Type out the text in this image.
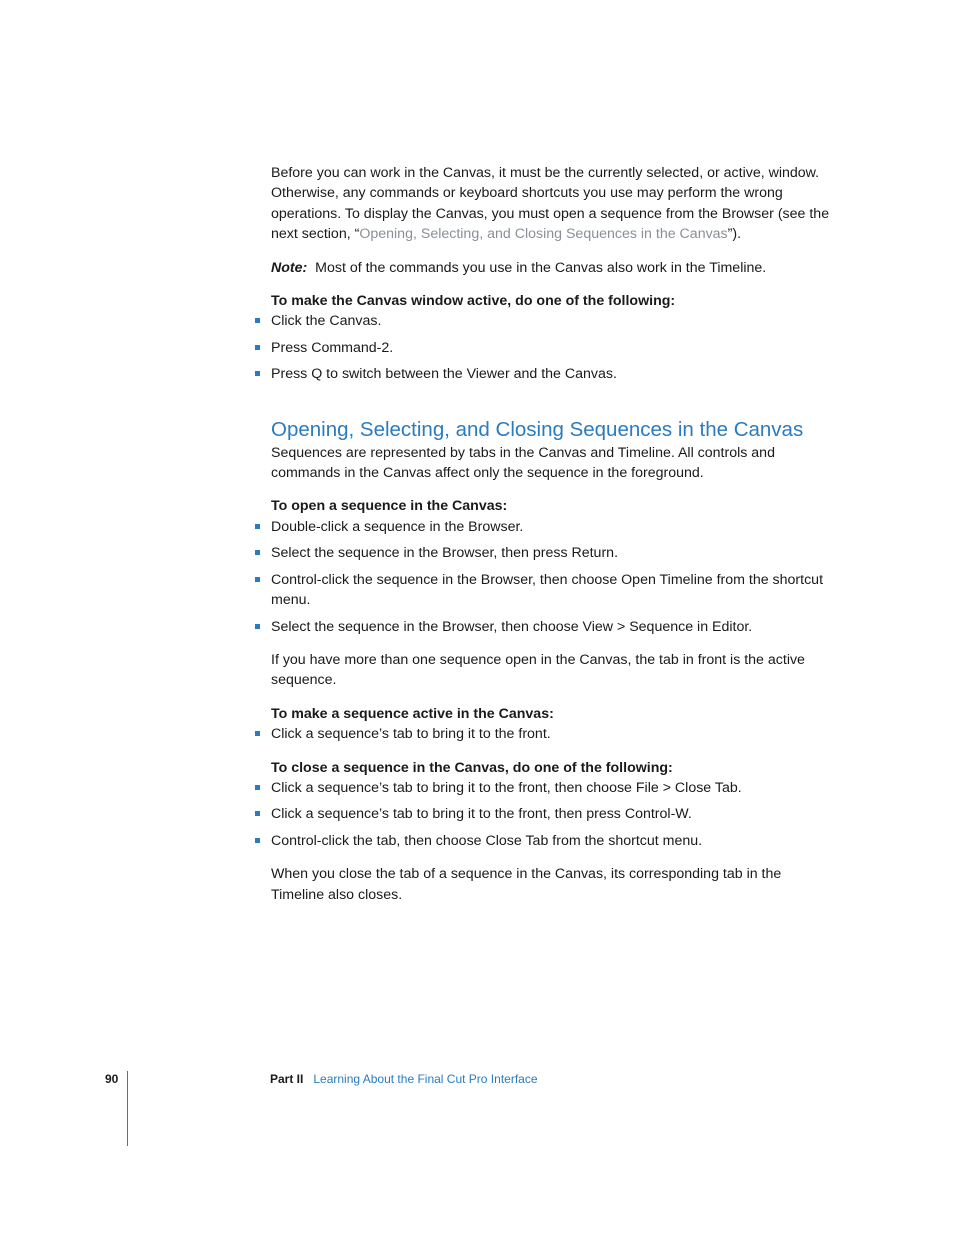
Before you can work in the Canvas, it must be the currently selected, or active, window. Otherwise, any commands or keyboard shortcuts you use may perform the wrong operations. To display the Canvas, you must open a sequence from the Browser (see the next section, “Opening, Selecting, and Closing Sequences in the Canvas”).

Note: Most of the commands you use in the Canvas also work in the Timeline.

To make the Canvas window active, do one of the following:

Click the Canvas.
Press Command-2.
Press Q to switch between the Viewer and the Canvas.
Opening, Selecting, and Closing Sequences in the Canvas

Sequences are represented by tabs in the Canvas and Timeline. All controls and commands in the Canvas affect only the sequence in the foreground.

To open a sequence in the Canvas:

Double-click a sequence in the Browser.
Select the sequence in the Browser, then press Return.
Control-click the sequence in the Browser, then choose Open Timeline from the shortcut menu.
Select the sequence in the Browser, then choose View > Sequence in Editor.

If you have more than one sequence open in the Canvas, the tab in front is the active sequence.

To make a sequence active in the Canvas:

Click a sequence’s tab to bring it to the front.

To close a sequence in the Canvas, do one of the following:

Click a sequence’s tab to bring it to the front, then choose File > Close Tab.
Click a sequence’s tab to bring it to the front, then press Control-W.
Control-click the tab, then choose Close Tab from the shortcut menu.

When you close the tab of a sequence in the Canvas, its corresponding tab in the Timeline also closes.

90	Part II Learning About the Final Cut Pro Interface
